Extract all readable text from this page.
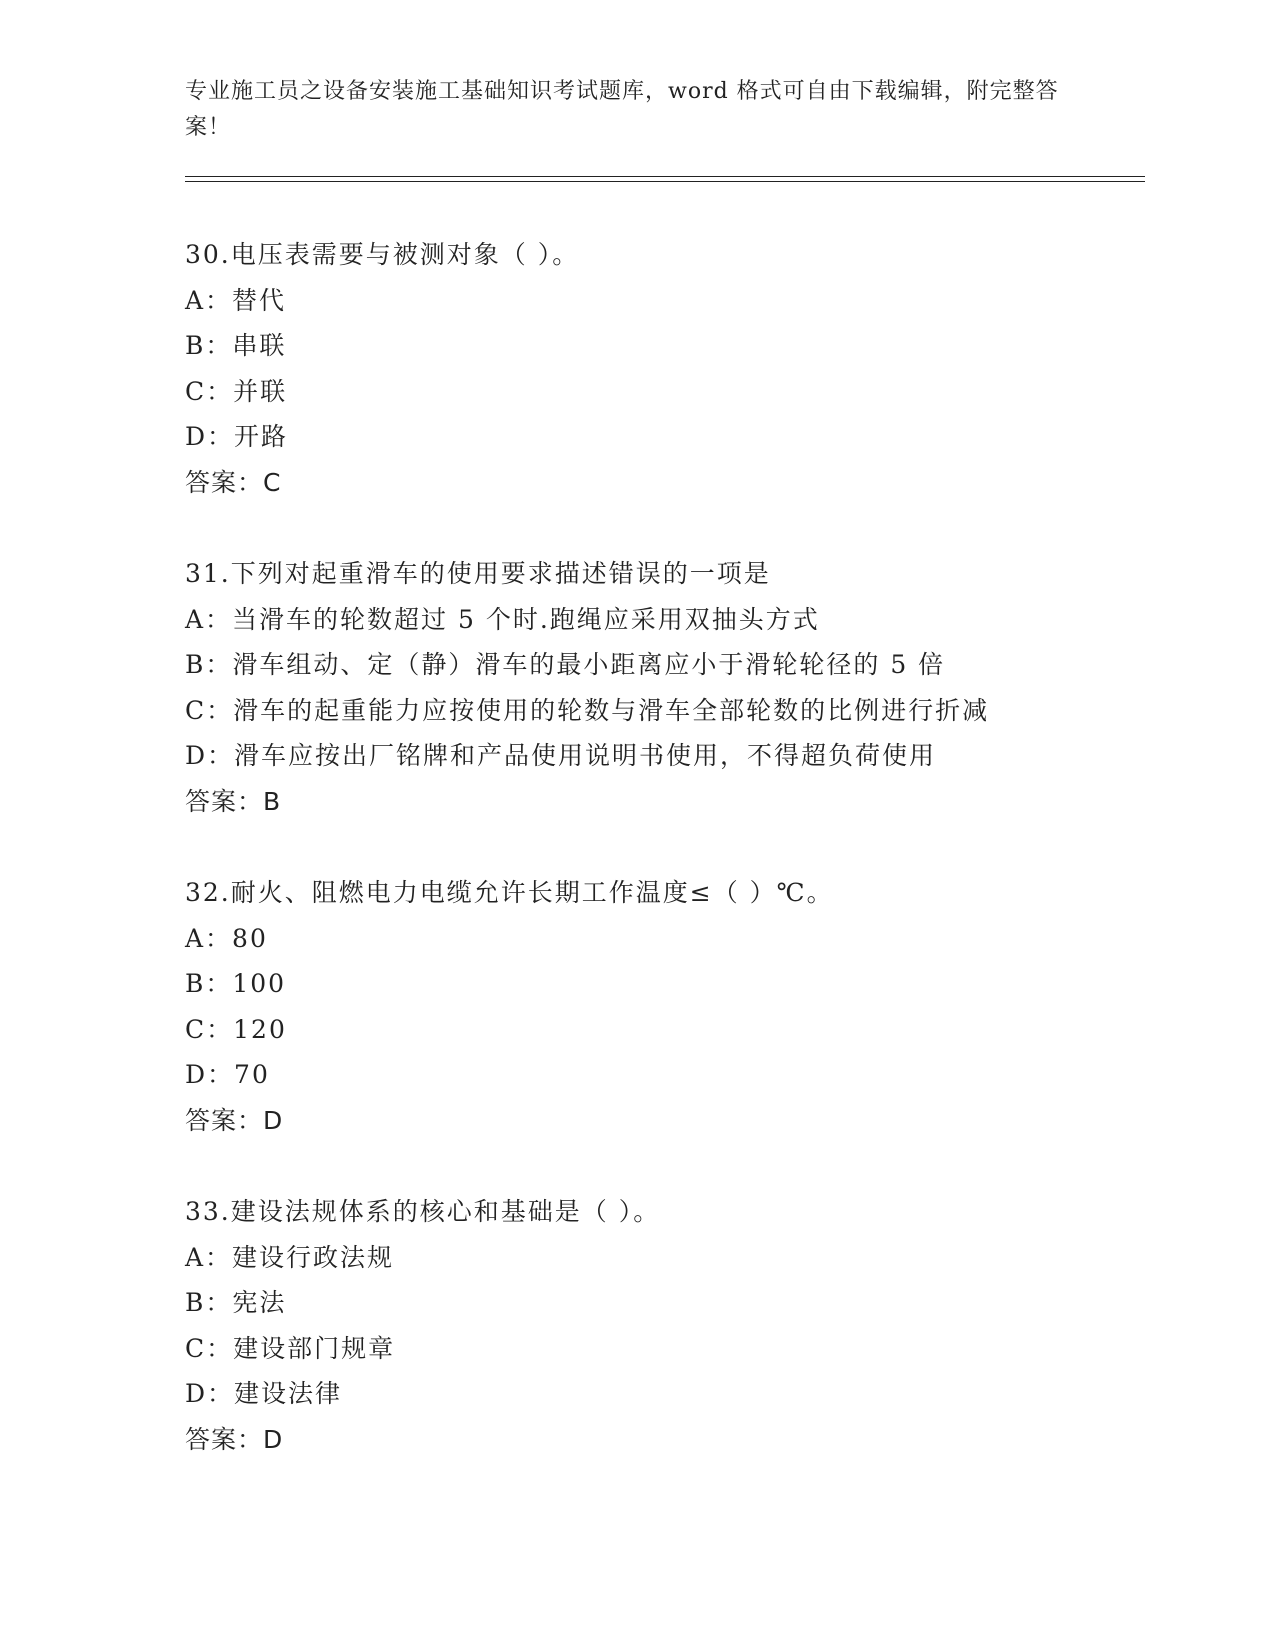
专业施工员之设备安装施工基础知识考试题库，word 格式可自由下载编辑，附完整答案！
30.电压表需要与被测对象（ ）。
A：替代
B：串联
C：并联
D：开路
答案：C
31.下列对起重滑车的使用要求描述错误的一项是
A：当滑车的轮数超过 5 个时.跑绳应采用双抽头方式
B：滑车组动、定（静）滑车的最小距离应小于滑轮轮径的 5 倍
C：滑车的起重能力应按使用的轮数与滑车全部轮数的比例进行折减
D：滑车应按出厂铭牌和产品使用说明书使用，不得超负荷使用
答案：B
32.耐火、阻燃电力电缆允许长期工作温度≤（ ）℃。
A：80
B：100
C：120
D：70
答案：D
33.建设法规体系的核心和基础是（ ）。
A：建设行政法规
B：宪法
C：建设部门规章
D：建设法律
答案：D
